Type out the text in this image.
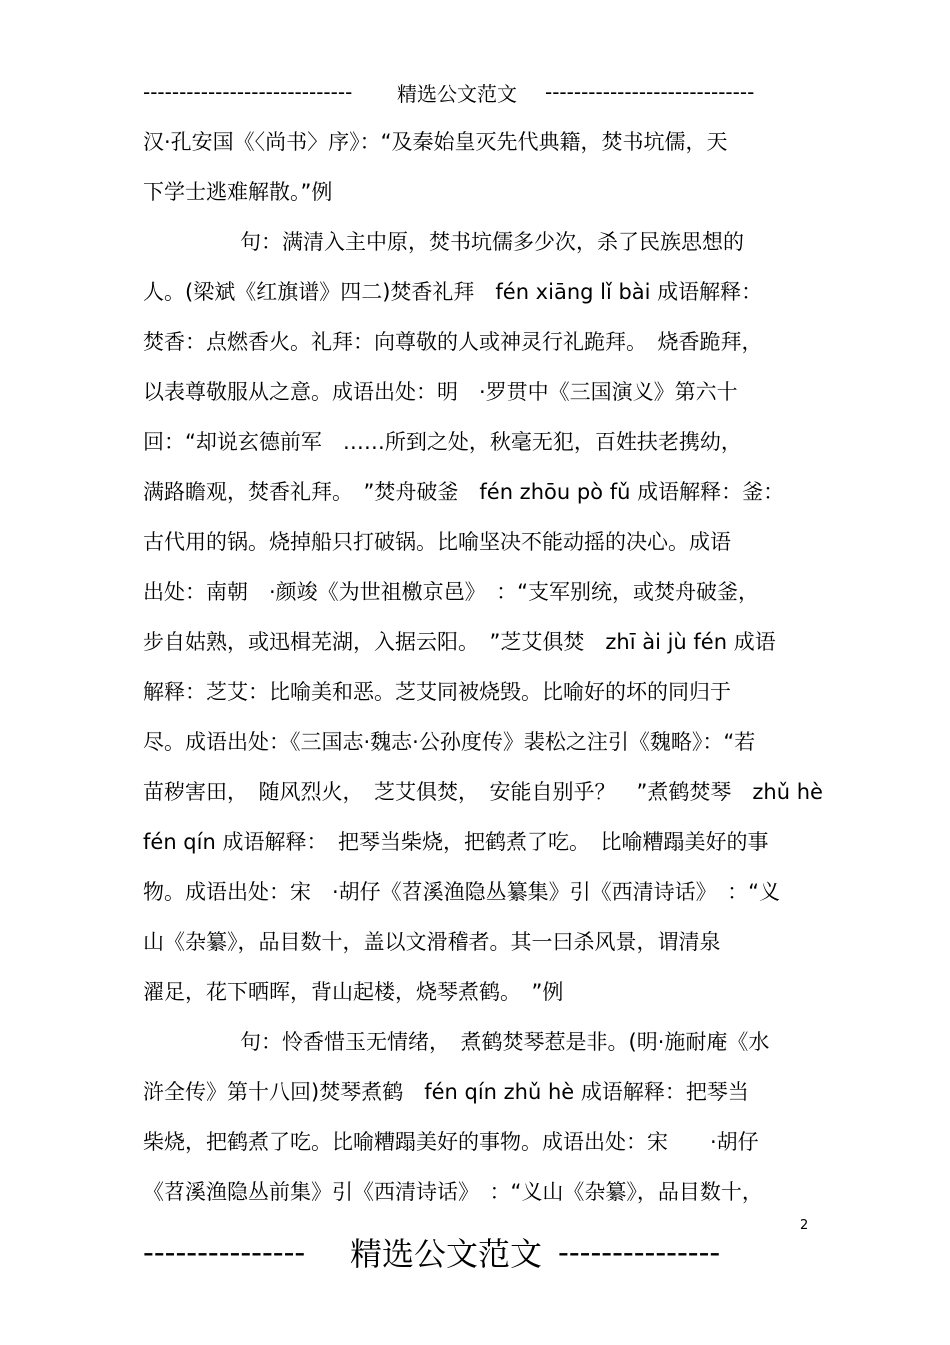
-----------------------------	精选公文范文 -----------------------------
汉·孔安国《〈尚书〉序》：“及秦始皇灭先代典籍，焚书坑儒，天
下学士逃难解散。”例
句：满清入主中原，焚书坑儒多少次，杀了民族思想的
人。(梁斌《红旗谱》四二)焚香礼拜　fén xiāng lǐ bài 成语解释：
焚香：点燃香火。礼拜：向尊敬的人或神灵行礼跪拜。　烧香跪拜，
以表尊敬服从之意。成语出处：明　·罗贯中《三国演义》第六十
回：“却说玄德前军　……所到之处，秋毫无犯，百姓扶老携幼，
满路瞻观，焚香礼拜。　”焚舟破釜　fén zhōu pò fǔ 成语解释：釜：
古代用的锅。烧掉船只打破锅。比喻坚决不能动摇的决心。成语
出处：南朝　·颜竣《为世祖檄京邑》　：“支军别统，或焚舟破釜，
步自姑熟，或迅楫芜湖，入据云阳。　”芝艾俱焚　zhī ài jù fén 成语
解释：芝艾：比喻美和恶。芝艾同被烧毁。比喻好的坏的同归于
尽。成语出处：《三国志·魏志·公孙度传》裴松之注引《魏略》：“若
苗秽害田，　随风烈火，　芝艾俱焚，　安能自别乎？　”煮鹤焚琴　zhǔ hè
fén qín 成语解释：　把琴当柴烧，把鹤煮了吃。　比喻糟蹋美好的事
物。成语出处：宋　·胡仔《苕溪渔隐丛纂集》引《西清诗话》　：“义
山《杂纂》，品目数十，盖以文滑稽者。其一曰杀风景，谓清泉
濯足，花下晒晖，背山起楼，烧琴煮鹤。　”例
句：怜香惜玉无情绪，　煮鹤焚琴惹是非。(明·施耐庵《水
浒全传》第十八回)焚琴煮鹤　fén qín zhǔ hè 成语解释：把琴当
柴烧，把鹤煮了吃。比喻糟蹋美好的事物。成语出处：宋　　·胡仔
《苕溪渔隐丛前集》引《西清诗话》　：“义山《杂纂》，品目数十，
2
---------------	精选公文范文 ---------------
